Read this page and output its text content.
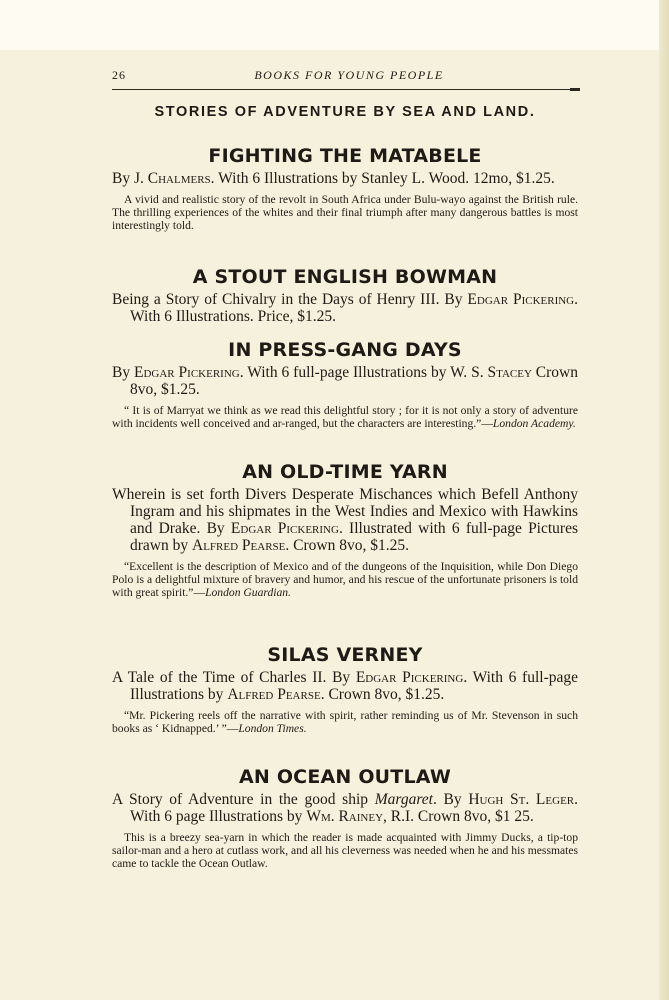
26	BOOKS FOR YOUNG PEOPLE
STORIES OF ADVENTURE BY SEA AND LAND.
FIGHTING THE MATABELE

By J. Chalmers. With 6 Illustrations by Stanley L. Wood. 12mo, $1.25.

A vivid and realistic story of the revolt in South Africa under Bulu-wayo against the British rule. The thrilling experiences of the whites and their final triumph after many dangerous battles is most interestingly told.

A STOUT ENGLISH BOWMAN

Being a Story of Chivalry in the Days of Henry III. By Edgar Pickering. With 6 Illustrations. Price, $1.25.

IN PRESS-GANG DAYS

By Edgar Pickering. With 6 full-page Illustrations by W. S. Stacey Crown 8vo, $1.25.

“ It is of Marryat we think as we read this delightful story ; for it is not only a story of adventure with incidents well conceived and ar-ranged, but the characters are interesting.”—London Academy.

AN OLD-TIME YARN

Wherein is set forth Divers Desperate Mischances which Befell Anthony Ingram and his shipmates in the West Indies and Mexico with Hawkins and Drake. By Edgar Pickering. Illustrated with 6 full-page Pictures drawn by Alfred Pearse. Crown 8vo, $1.25.

“Excellent is the description of Mexico and of the dungeons of the Inquisition, while Don Diego Polo is a delightful mixture of bravery and humor, and his rescue of the unfortunate prisoners is told with great spirit.”—London Guardian.

SILAS VERNEY

A Tale of the Time of Charles II. By Edgar Pickering. With 6 full-page Illustrations by Alfred Pearse. Crown 8vo, $1.25.

“Mr. Pickering reels off the narrative with spirit, rather reminding us of Mr. Stevenson in such books as ‘ Kidnapped.’ ”—London Times.

AN OCEAN OUTLAW

A Story of Adventure in the good ship Margaret. By Hugh St. Leger. With 6 page Illustrations by Wm. Rainey, R.I. Crown 8vo, $1 25.

This is a breezy sea-yarn in which the reader is made acquainted with Jimmy Ducks, a tip-top sailor-man and a hero at cutlass work, and all his cleverness was needed when he and his messmates came to tackle the Ocean Outlaw.
